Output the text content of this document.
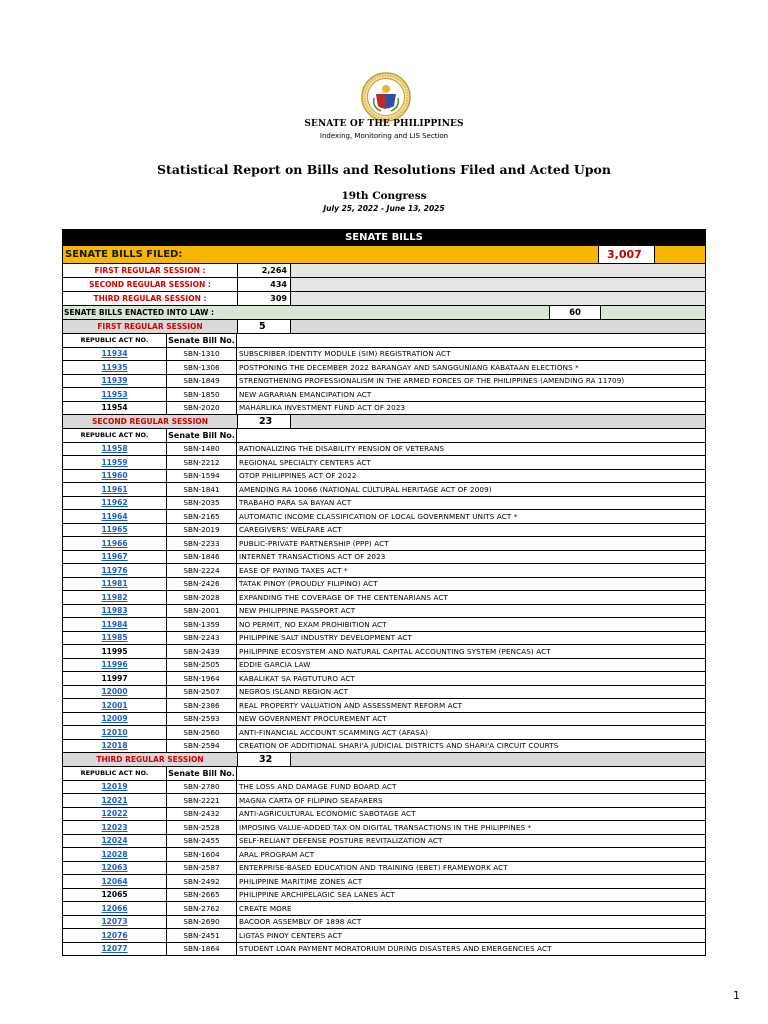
SENATE OF THE PHILIPPINES
Indexing, Monitoring and LIS Section
Statistical Report on Bills and Resolutions Filed and Acted Upon
19th Congress
July 25, 2022 - June 13, 2025
SENATE BILLS
SENATE BILLS FILED:	3,007
FIRST REGULAR SESSION :	2,264
SECOND REGULAR SESSION :	434
THIRD REGULAR SESSION :	309
SENATE BILLS ENACTED INTO LAW :	60
FIRST REGULAR SESSION	5
REPUBLIC ACT NO.	Senate Bill No.
11934	SBN-1310	SUBSCRIBER IDENTITY MODULE (SIM) REGISTRATION ACT
11935	SBN-1306	POSTPONING THE DECEMBER 2022 BARANGAY AND SANGGUNIANG KABATAAN ELECTIONS *
11939	SBN-1849	STRENGTHENING PROFESSIONALISM IN THE ARMED FORCES OF THE PHILIPPINES (AMENDING RA 11709)
11953	SBN-1850	NEW AGRARIAN EMANCIPATION ACT
11954	SBN-2020	MAHARLIKA INVESTMENT FUND ACT OF 2023
SECOND REGULAR SESSION	23
REPUBLIC ACT NO.	Senate Bill No.
11958	SBN-1480	RATIONALIZING THE DISABILITY PENSION OF VETERANS
11959	SBN-2212	REGIONAL SPECIALTY CENTERS ACT
11960	SBN-1594	OTOP PHILIPPINES ACT OF 2022
11961	SBN-1841	AMENDING RA 10066 (NATIONAL CULTURAL HERITAGE ACT OF 2009)
11962	SBN-2035	TRABAHO PARA SA BAYAN ACT
11964	SBN-2165	AUTOMATIC INCOME CLASSIFICATION OF LOCAL GOVERNMENT UNITS ACT *
11965	SBN-2019	CAREGIVERS' WELFARE ACT
11966	SBN-2233	PUBLIC-PRIVATE PARTNERSHIP (PPP) ACT
11967	SBN-1846	INTERNET TRANSACTIONS ACT OF 2023
11976	SBN-2224	EASE OF PAYING TAXES ACT *
11981	SBN-2426	TATAK PINOY (PROUDLY FILIPINO) ACT
11982	SBN-2028	EXPANDING THE COVERAGE OF THE CENTENARIANS ACT
11983	SBN-2001	NEW PHILIPPINE PASSPORT ACT
11984	SBN-1359	NO PERMIT, NO EXAM PROHIBITION ACT
11985	SBN-2243	PHILIPPINE SALT INDUSTRY DEVELOPMENT ACT
11995	SBN-2439	PHILIPPINE ECOSYSTEM AND NATURAL CAPITAL ACCOUNTING SYSTEM (PENCAS) ACT
11996	SBN-2505	EDDIE GARCIA LAW
11997	SBN-1964	KABALIKAT SA PAGTUTURO ACT
12000	SBN-2507	NEGROS ISLAND REGION ACT
12001	SBN-2386	REAL PROPERTY VALUATION AND ASSESSMENT REFORM ACT
12009	SBN-2593	NEW GOVERNMENT PROCUREMENT ACT
12010	SBN-2560	ANTI-FINANCIAL ACCOUNT SCAMMING ACT (AFASA)
12018	SBN-2594	CREATION OF ADDITIONAL SHARI'A JUDICIAL DISTRICTS AND SHARI'A CIRCUIT COURTS
THIRD REGULAR SESSION	32
REPUBLIC ACT NO.	Senate Bill No.
12019	SBN-2780	THE LOSS AND DAMAGE FUND BOARD ACT
12021	SBN-2221	MAGNA CARTA OF FILIPINO SEAFARERS
12022	SBN-2432	ANTI-AGRICULTURAL ECONOMIC SABOTAGE ACT
12023	SBN-2528	IMPOSING VALUE-ADDED TAX ON DIGITAL TRANSACTIONS IN THE PHILIPPINES *
12024	SBN-2455	SELF-RELIANT DEFENSE POSTURE REVITALIZATION ACT
12028	SBN-1604	ARAL PROGRAM ACT
12063	SBN-2587	ENTERPRISE-BASED EDUCATION AND TRAINING (EBET) FRAMEWORK ACT
12064	SBN-2492	PHILIPPINE MARITIME ZONES ACT
12065	SBN-2665	PHILIPPINE ARCHIPELAGIC SEA LANES ACT
12066	SBN-2762	CREATE MORE
12073	SBN-2690	BACOOR ASSEMBLY OF 1898 ACT
12076	SBN-2451	LIGTAS PINOY CENTERS ACT
12077	SBN-1864	STUDENT LOAN PAYMENT MORATORIUM DURING DISASTERS AND EMERGENCIES ACT
1
